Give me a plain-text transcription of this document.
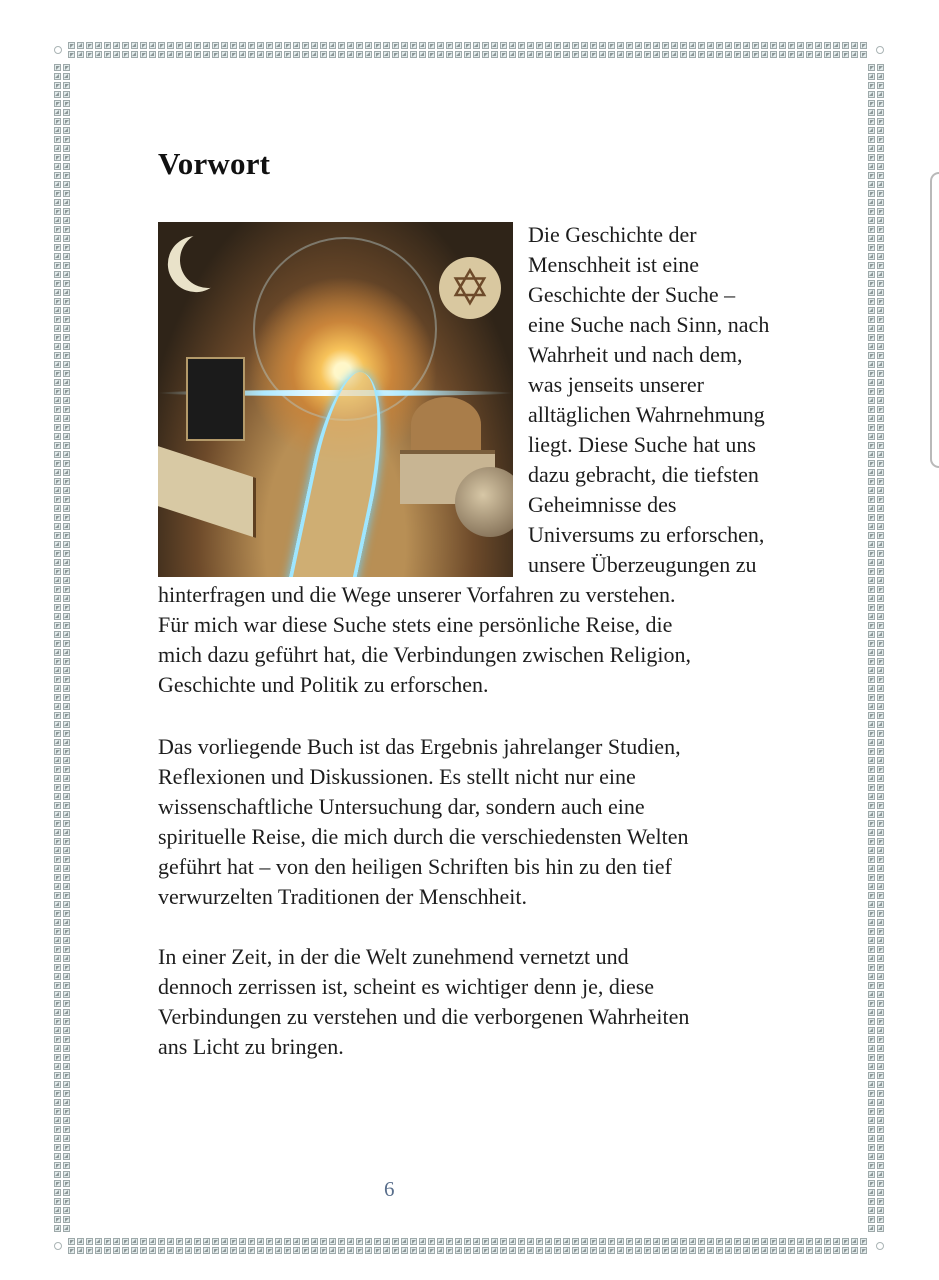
Vorwort
✡
Die Geschichte der
Menschheit ist eine
Geschichte der Suche –
eine Suche nach Sinn, nach
Wahrheit und nach dem,
was jenseits unserer
alltäglichen Wahrnehmung
liegt. Diese Suche hat uns
dazu gebracht, die tiefsten
Geheimnisse des
Universums zu erforschen,
unsere Überzeugungen zu
hinterfragen und die Wege unserer Vorfahren zu verstehen.
Für mich war diese Suche stets eine persönliche Reise, die
mich dazu geführt hat, die Verbindungen zwischen Religion,
Geschichte und Politik zu erforschen.
Das vorliegende Buch ist das Ergebnis jahrelanger Studien,
Reflexionen und Diskussionen. Es stellt nicht nur eine
wissenschaftliche Untersuchung dar, sondern auch eine
spirituelle Reise, die mich durch die verschiedensten Welten
geführt hat – von den heiligen Schriften bis hin zu den tief
verwurzelten Traditionen der Menschheit.
In einer Zeit, in der die Welt zunehmend vernetzt und
dennoch zerrissen ist, scheint es wichtiger denn je, diese
Verbindungen zu verstehen und die verborgenen Wahrheiten
ans Licht zu bringen.
6
